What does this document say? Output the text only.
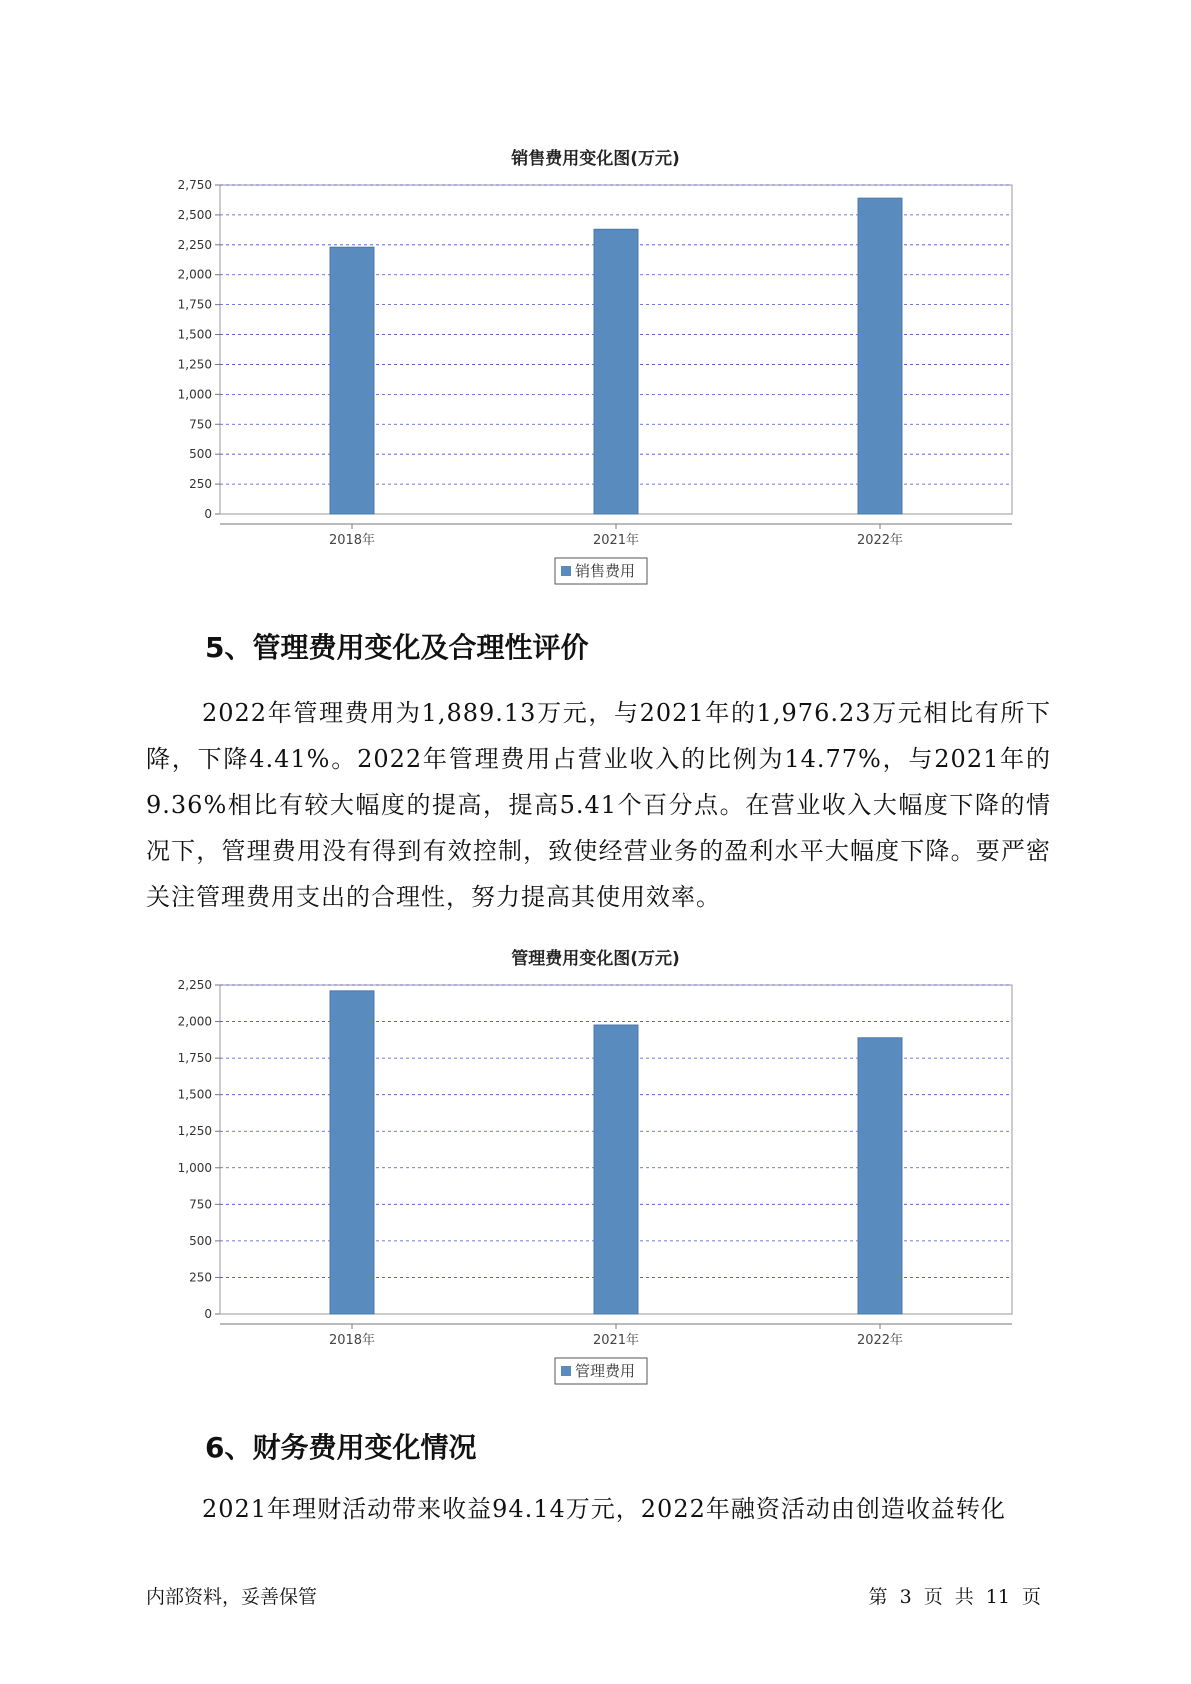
销售费用变化图(万元)
0
250
500
750
1,000
1,250
1,500
1,750
2,000
2,250
2,500
2,750
2018年	2021年	2022年
销售费用
5、管理费用变化及合理性评价

2022年管理费用为1,889.13万元，与2021年的1,976.23万元相比有所下降，下降4.41%。2022年管理费用占营业收入的比例为14.77%，与2021年的9.36%相比有较大幅度的提高，提高5.41个百分点。在营业收入大幅度下降的情况下，管理费用没有得到有效控制，致使经营业务的盈利水平大幅度下降。要严密关注管理费用支出的合理性，努力提高其使用效率。

管理费用变化图(万元)
0
250
500
750
1,000
1,250
1,500
1,750
2,000
2,250
2018年	2021年	2022年
管理费用
6、财务费用变化情况

2021年理财活动带来收益94.14万元，2022年融资活动由创造收益转化

内部资料，妥善保管	第 3 页 共 11 页
